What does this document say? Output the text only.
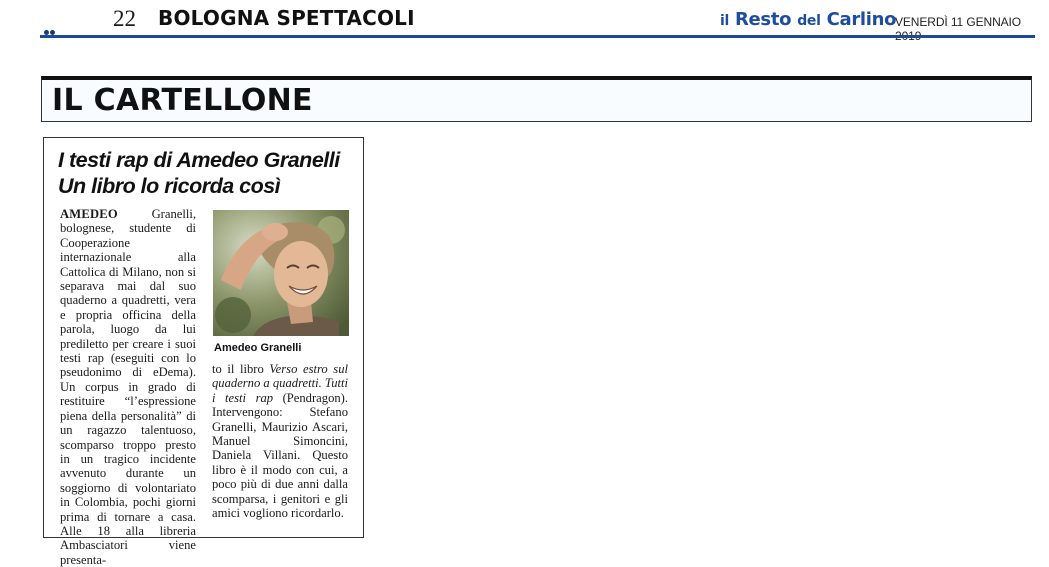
22 BOLOGNA SPETTACOLI	il Resto del Carlino
VENERDÌ 11 GENNAIO
IL CARTELLONE
I testi rap di Amedeo Granelli
Un libro lo ricorda così
AMEDEO Granelli, bolognese, studente di Cooperazione internazionale alla Cattolica di Milano, non si separava mai dal suo quaderno a quadretti, vera e propria officina della parola, luogo da lui prediletto per creare i suoi testi rap (eseguiti con lo pseudonimo di eDema). Un corpus in grado di restituire “l’espressione piena della personalità” di un ragazzo talentuoso, scomparso troppo presto in un tragico incidente avvenuto durante un soggiorno di volontariato in Colombia, pochi giorni prima di tornare a casa. Alle 18 alla libreria Ambasciatori viene presenta-
Amedeo Granelli
to il libro Verso estro sul quaderno a quadretti. Tutti i testi rap (Pendragon). Intervengono: Stefano Granelli, Maurizio Ascari, Manuel Simoncini, Daniela Villani. Questo libro è il modo con cui, a poco più di due anni dalla scomparsa, i genitori e gli amici vogliono ricordarlo.
